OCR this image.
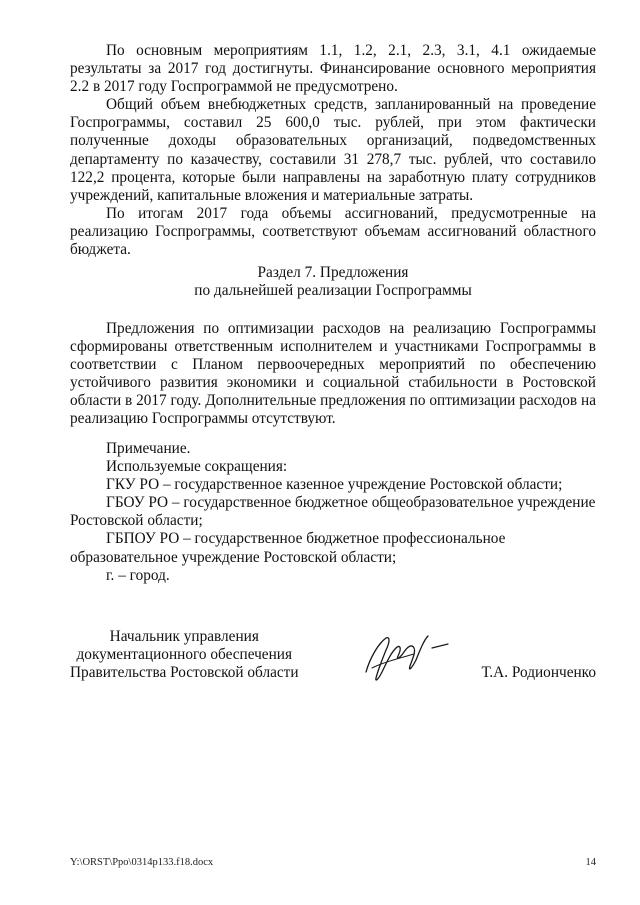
По основным мероприятиям 1.1, 1.2, 2.1, 2.3, 3.1, 4.1 ожидаемые результаты за 2017 год достигнуты. Финансирование основного мероприятия 2.2 в 2017 году Госпрограммой не предусмотрено.

Общий объем внебюджетных средств, запланированный на проведение Госпрограммы, составил 25 600,0 тыс. рублей, при этом фактически полученные доходы образовательных организаций, подведомственных департаменту по казачеству, составили 31 278,7 тыс. рублей, что составило 122,2 процента, которые были направлены на заработную плату сотрудников учреждений, капитальные вложения и материальные затраты.

По итогам 2017 года объемы ассигнований, предусмотренные на реализацию Госпрограммы, соответствуют объемам ассигнований областного бюджета.

Раздел 7. Предложения
по дальнейшей реализации Госпрограммы

Предложения по оптимизации расходов на реализацию Госпрограммы сформированы ответственным исполнителем и участниками Госпрограммы в соответствии с Планом первоочередных мероприятий по обеспечению устойчивого развития экономики и социальной стабильности в Ростовской области в 2017 году. Дополнительные предложения по оптимизации расходов на реализацию Госпрограммы отсутствуют.

Примечание.

Используемые сокращения:

ГКУ РО – государственное казенное учреждение Ростовской области;

ГБОУ РО – государственное бюджетное общеобразовательное учреждение Ростовской области;

ГБПОУ РО – государственное бюджетное профессиональное образовательное учреждение Ростовской области;

г. – город.

Начальник управления
документационного обеспечения
Правительства Ростовской области	Т.А. Родионченко
Y:\ORST\Ppo\0314p133.f18.docx	14
